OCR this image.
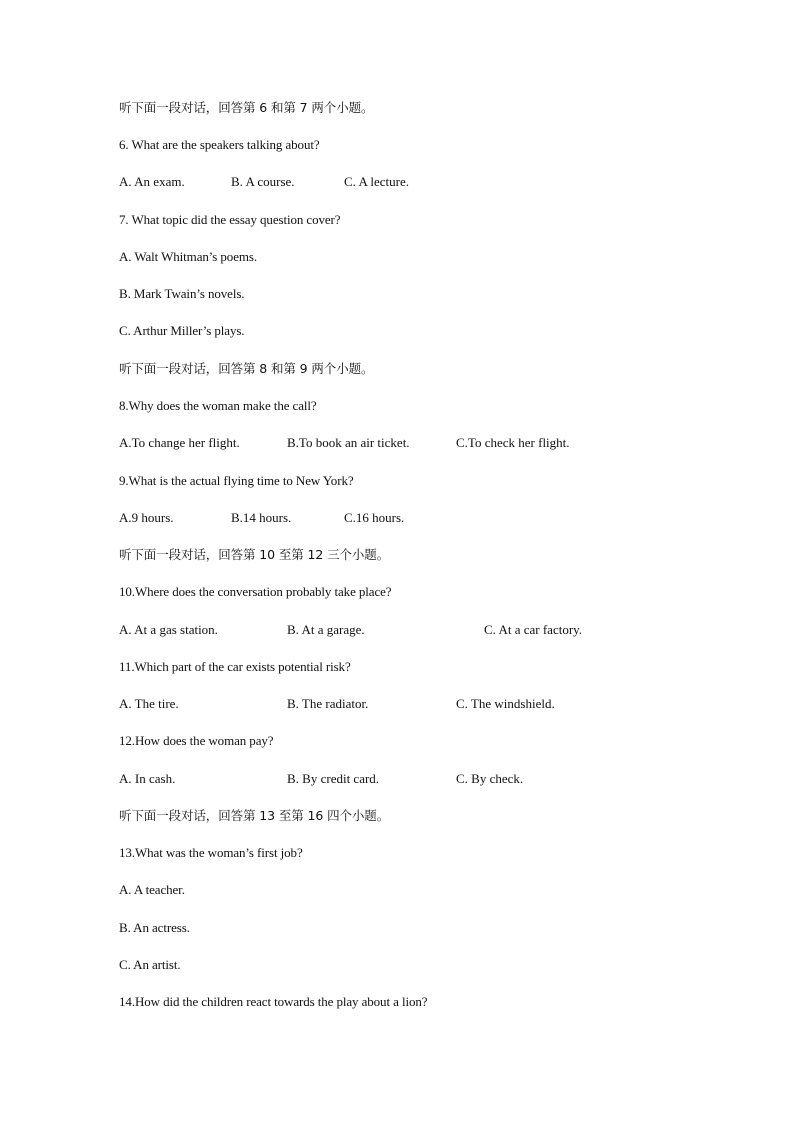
听下面一段对话，回答第 6 和第 7 两个小题。
6. What are the speakers talking about?
A. An exam.	B. A course.	C. A lecture.
7. What topic did the essay question cover?
A. Walt Whitman’s poems.
B. Mark Twain’s novels.
C. Arthur Miller’s plays.
听下面一段对话，回答第 8 和第 9 两个小题。
8.Why does the woman make the call?
A.To change her flight.	B.To book an air ticket.	C.To check her flight.
9.What is the actual flying time to New York?
A.9 hours.	B.14 hours.	C.16 hours.
听下面一段对话，回答第 10 至第 12 三个小题。
10.Where does the conversation probably take place?
A. At a gas station.	B. At a garage.	C. At a car factory.
11.Which part of the car exists potential risk?
A. The tire.	B. The radiator.	C. The windshield.
12.How does the woman pay?
A. In cash.	B. By credit card.	C. By check.
听下面一段对话，回答第 13 至第 16 四个小题。
13.What was the woman’s first job?
A. A teacher.
B. An actress.
C. An artist.
14.How did the children react towards the play about a lion?
